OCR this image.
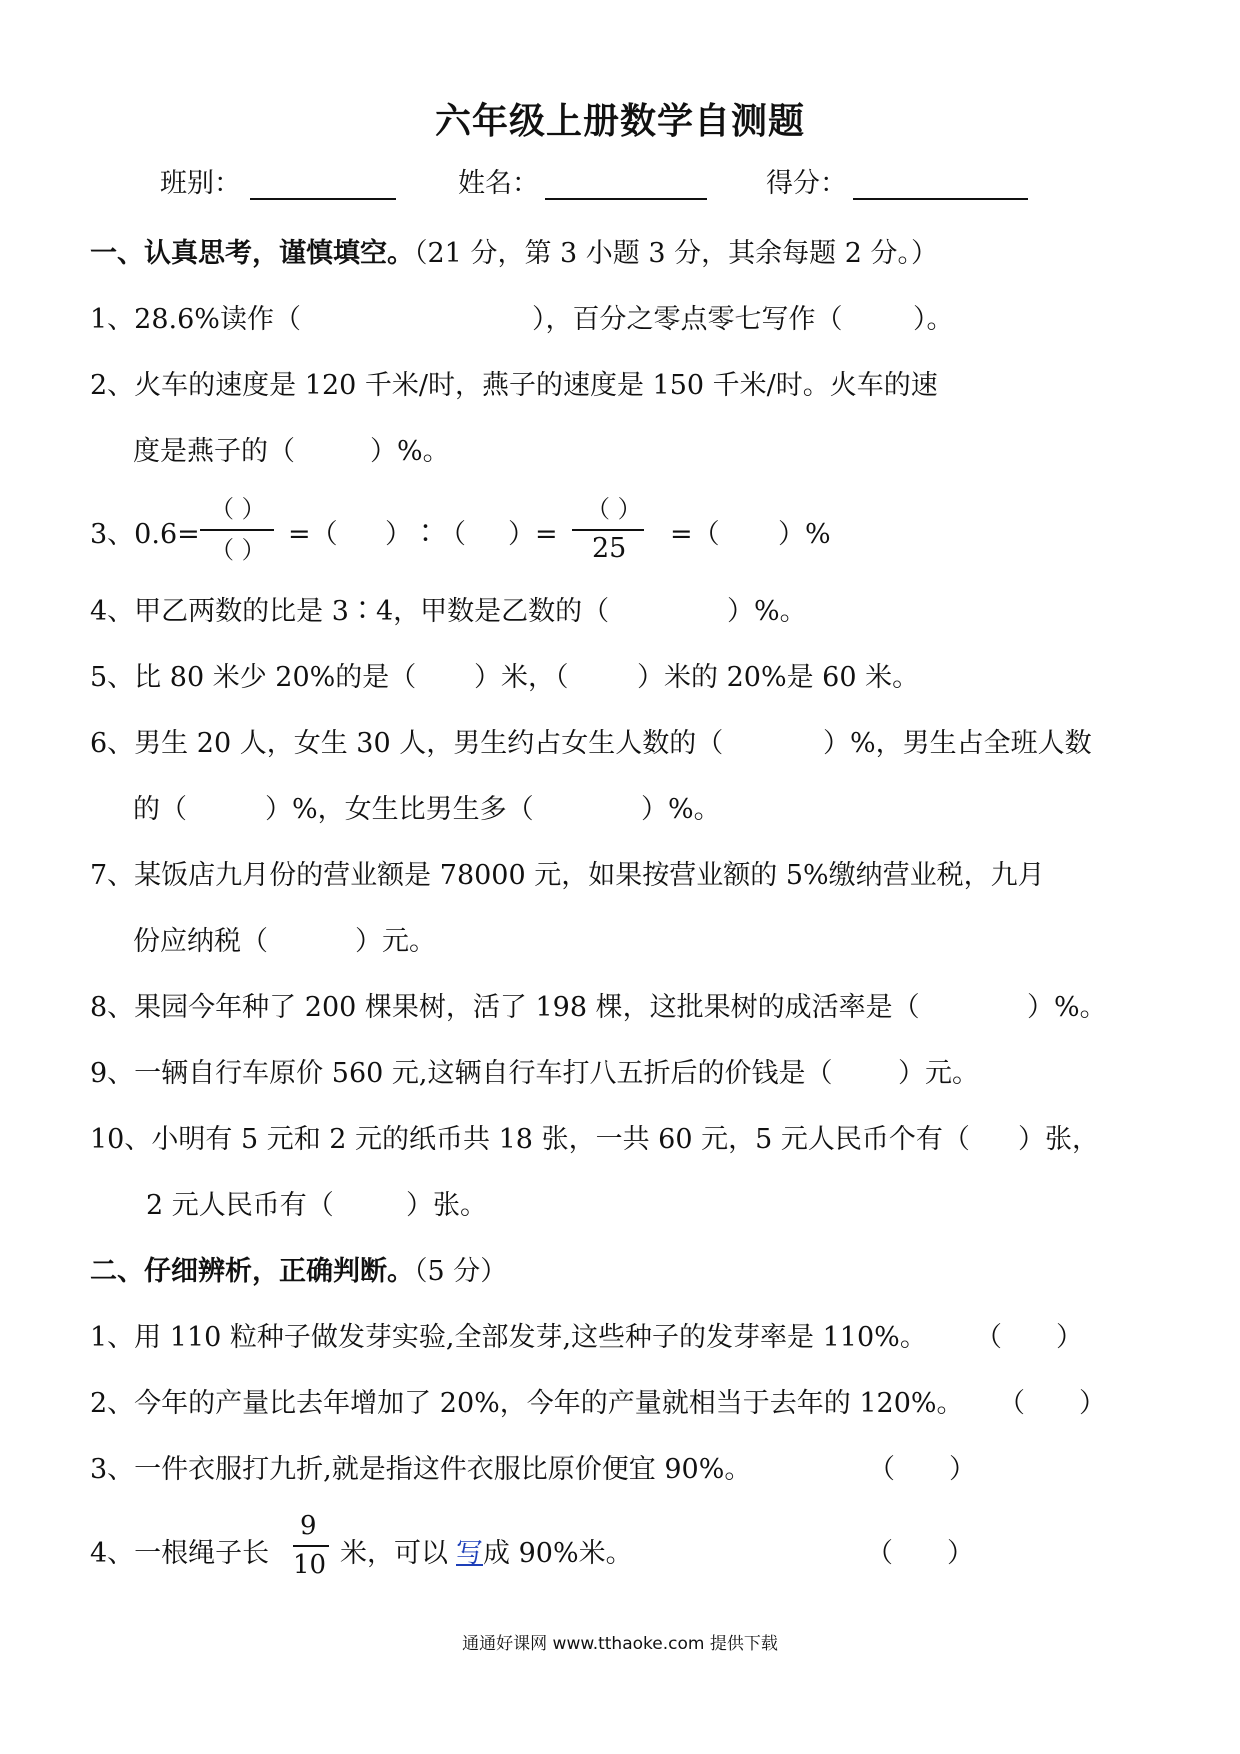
六年级上册数学自测题
班别：	姓名：	得分：
一、认真思考，谨慎填空。（21 分，第 3 小题 3 分，其余每题 2 分。）
1、28.6%读作（	），百分之零点零七写作（	）。
2、火车的速度是 120 千米/时，燕子的速度是 150 千米/时。火车的速
度是燕子的（	）%。
3、0.6=
（ ）
（ ） =（ ）∶（ ）=
（ ）
25 =（ ）%
4、甲乙两数的比是 3∶4，甲数是乙数的（	）%。
5、比 80 米少 20%的是（ ）米，（	）米的 20%是 60 米。
6、男生 20 人，女生 30 人，男生约占女生人数的（	）%，男生占全班人数
的（	）%，女生比男生多（	）%。
7、某饭店九月份的营业额是 78000 元，如果按营业额的 5%缴纳营业税，九月
份应纳税（	）元。
8、果园今年种了 200 棵果树，活了 198 棵，这批果树的成活率是（	）%。
9、一辆自行车原价 560 元,这辆自行车打八五折后的价钱是（ ）元。
10、小明有 5 元和 2 元的纸币共 18 张，一共 60 元，5 元人民币个有（ ）张，
2 元人民币有（	）张。
二、仔细辨析，正确判断。（5 分）
1、用 110 粒种子做发芽实验,全部发芽,这些种子的发芽率是 110%。 （　　）
2、今年的产量比去年增加了 20%，今年的产量就相当于去年的 120%。 （　　）
3、一件衣服打九折,就是指这件衣服比原价便宜 90%。	（　　）
4、一根绳子长
9
10 米，可以 写 成 90%米。	（　　）
通通好课网 www.tthaoke.com 提供下载
